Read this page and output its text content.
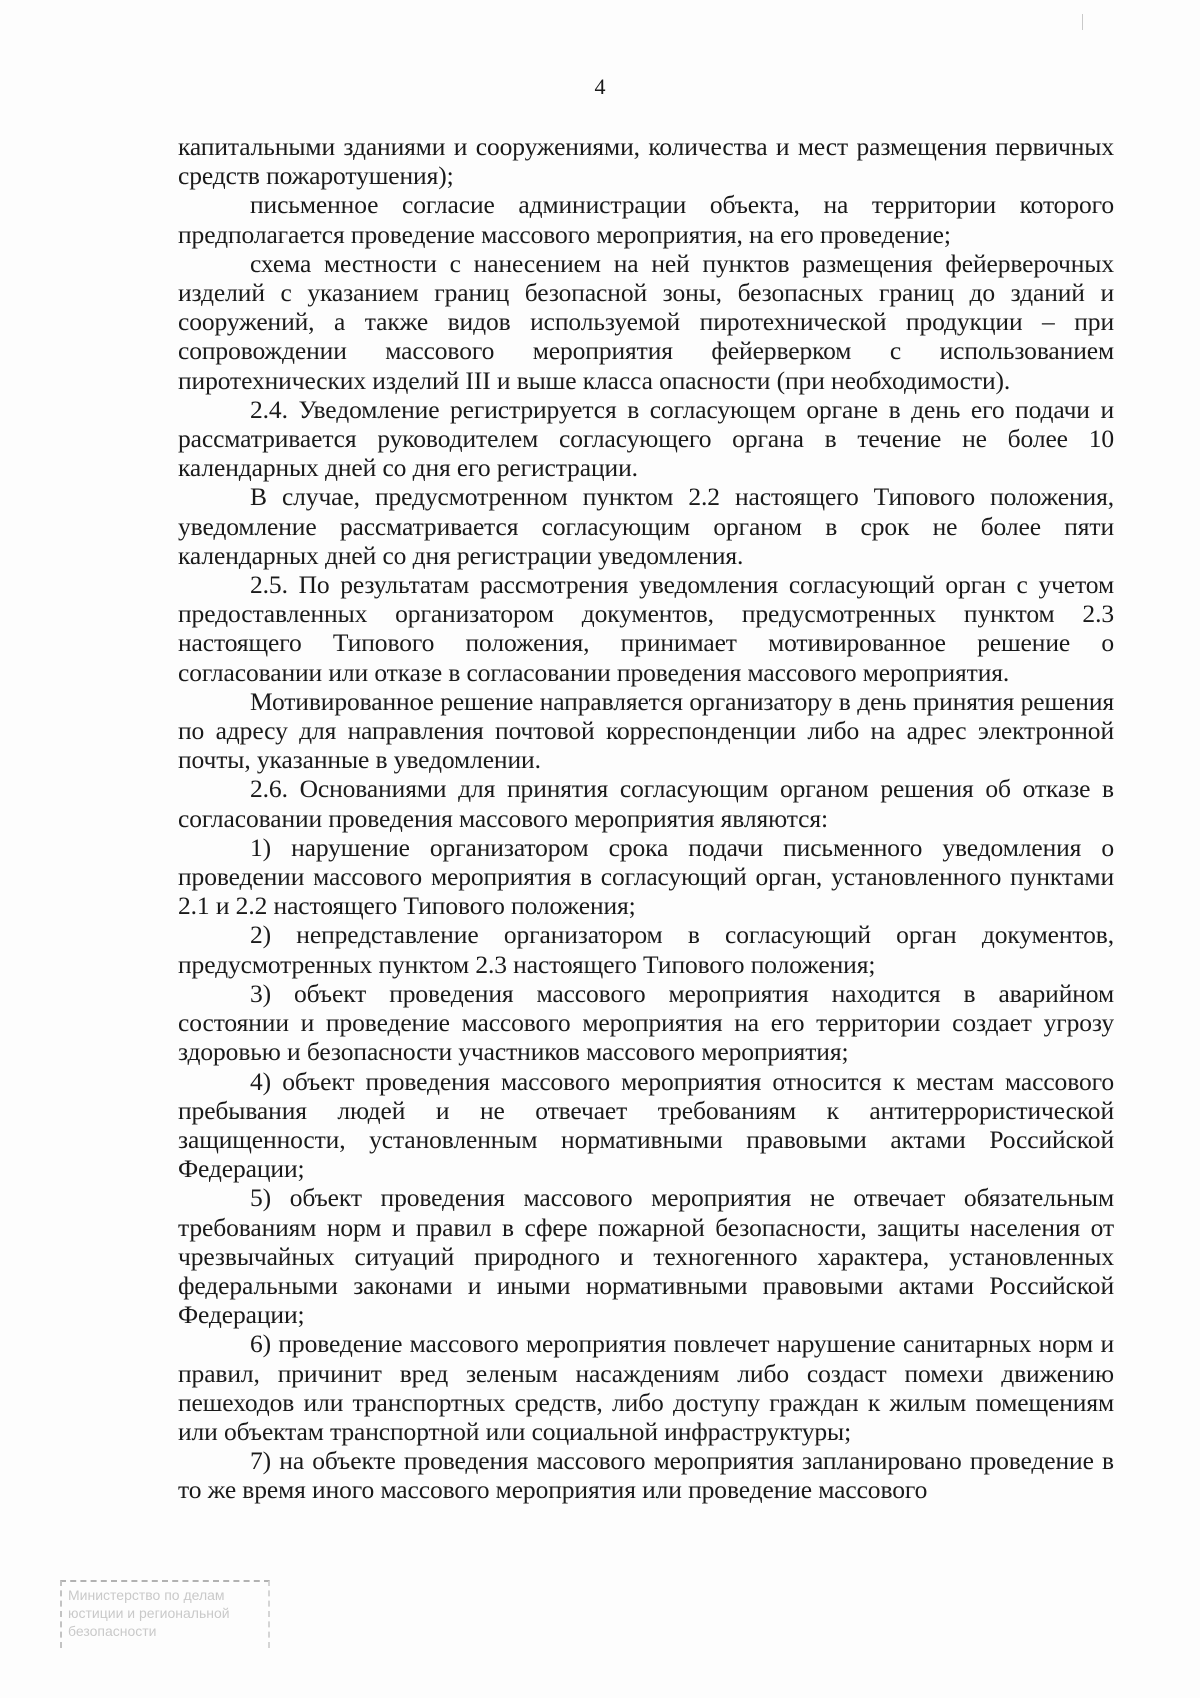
4

капитальными зданиями и сооружениями, количества и мест размещения первичных средств пожаротушения);

письменное согласие администрации объекта, на территории которого предполагается проведение массового мероприятия, на его проведение;

схема местности с нанесением на ней пунктов размещения фейерверочных изделий с указанием границ безопасной зоны, безопасных границ до зданий и сооружений, а также видов используемой пиротехнической продукции – при сопровождении массового мероприятия фейерверком с использованием пиротехнических изделий III и выше класса опасности (при необходимости).

2.4. Уведомление регистрируется в согласующем органе в день его подачи и рассматривается руководителем согласующего органа в течение не более 10 календарных дней со дня его регистрации.

В случае, предусмотренном пунктом 2.2 настоящего Типового положения, уведомление рассматривается согласующим органом в срок не более пяти календарных дней со дня регистрации уведомления.

2.5. По результатам рассмотрения уведомления согласующий орган с учетом предоставленных организатором документов, предусмотренных пунктом 2.3 настоящего Типового положения, принимает мотивированное решение о согласовании или отказе в согласовании проведения массового мероприятия.

Мотивированное решение направляется организатору в день принятия решения по адресу для направления почтовой корреспонденции либо на адрес электронной почты, указанные в уведомлении.

2.6. Основаниями для принятия согласующим органом решения об отказе в согласовании проведения массового мероприятия являются:

1) нарушение организатором срока подачи письменного уведомления о проведении массового мероприятия в согласующий орган, установленного пунктами 2.1 и 2.2 настоящего Типового положения;

2) непредставление организатором в согласующий орган документов, предусмотренных пунктом 2.3 настоящего Типового положения;

3) объект проведения массового мероприятия находится в аварийном состоянии и проведение массового мероприятия на его территории создает угрозу здоровью и безопасности участников массового мероприятия;

4) объект проведения массового мероприятия относится к местам массового пребывания людей и не отвечает требованиям к антитеррористической защищенности, установленным нормативными правовыми актами Российской Федерации;

5) объект проведения массового мероприятия не отвечает обязательным требованиям норм и правил в сфере пожарной безопасности, защиты населения от чрезвычайных ситуаций природного и техногенного характера, установленных федеральными законами и иными нормативными правовыми актами Российской Федерации;

6) проведение массового мероприятия повлечет нарушение санитарных норм и правил, причинит вред зеленым насаждениям либо создаст помехи движению пешеходов или транспортных средств, либо доступу граждан к жилым помещениям или объектам транспортной или социальной инфраструктуры;

7) на объекте проведения массового мероприятия запланировано проведение в то же время иного массового мероприятия или проведение массового

Министерство по делам
юстиции и региональной
безопасности
